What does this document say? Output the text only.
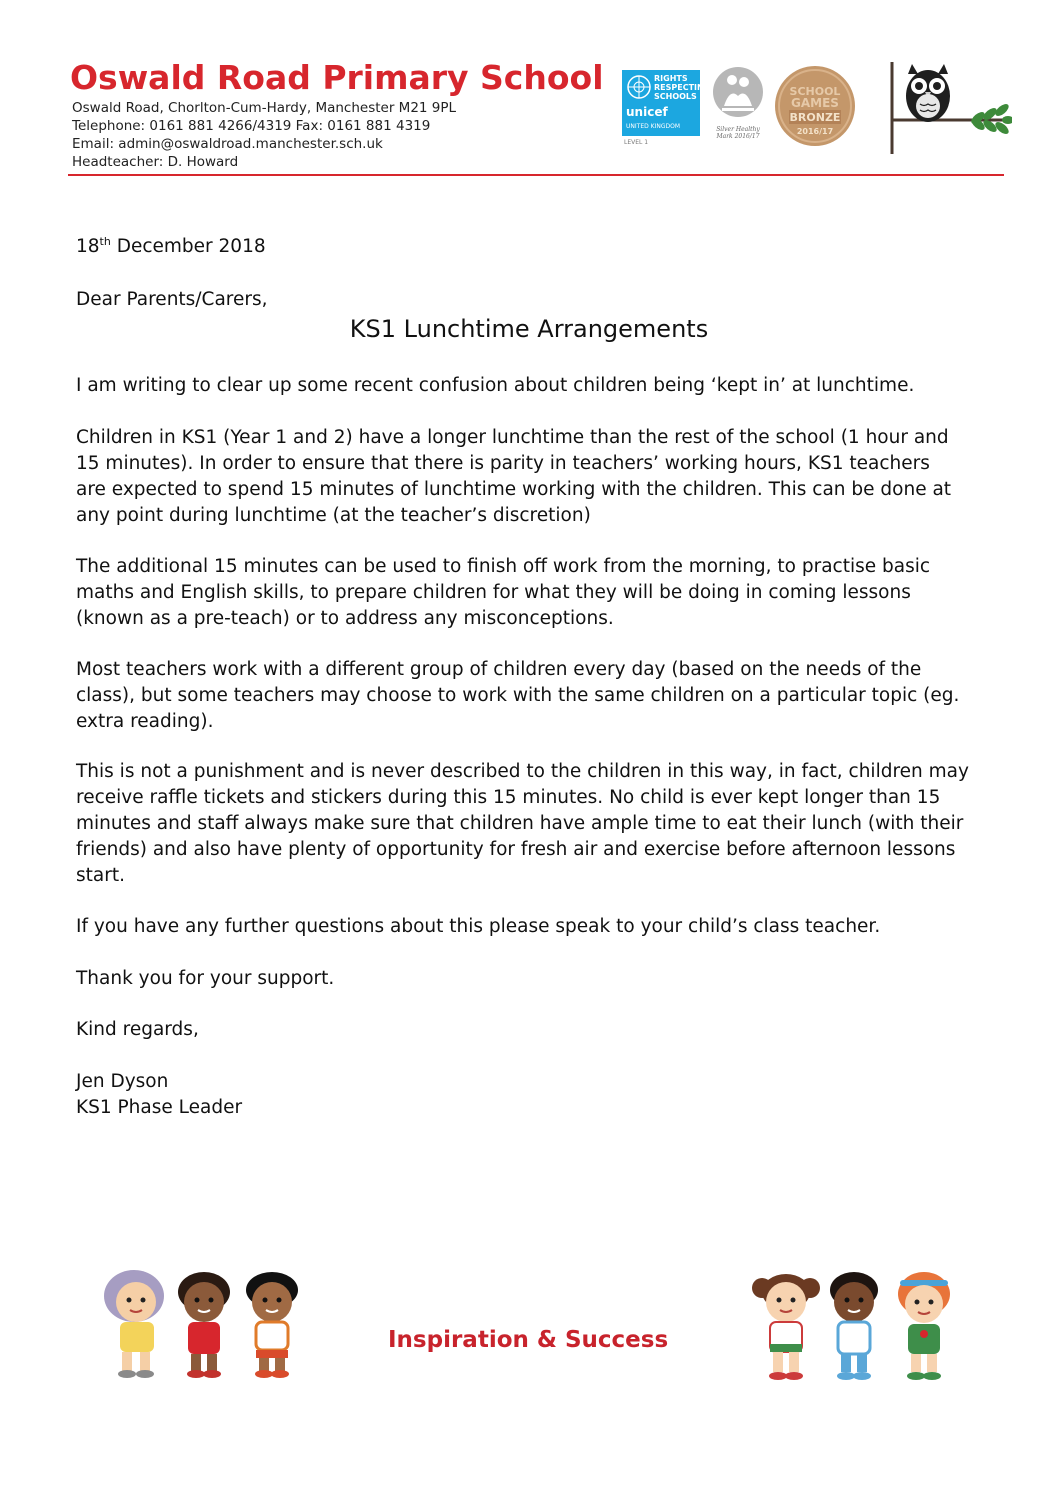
Oswald Road Primary School
Oswald Road, Chorlton-Cum-Hardy, Manchester M21 9PL
Telephone: 0161 881 4266/4319 Fax: 0161 881 4319
Email: admin@oswaldroad.manchester.sch.uk
Headteacher: D. Howard
RIGHTS RESPECTING SCHOOLS
unicef
UNITED KINGDOM
LEVEL 1
Silver Healthy Mark 2016/17
SCHOOL
GAMES
BRONZE
2016/17
18th December 2018
Dear Parents/Carers,
KS1 Lunchtime Arrangements
I am writing to clear up some recent confusion about children being ‘kept in’ at lunchtime.
Children in KS1 (Year 1 and 2) have a longer lunchtime than the rest of the school (1 hour and
15 minutes). In order to ensure that there is parity in teachers’ working hours, KS1 teachers
are expected to spend 15 minutes of lunchtime working with the children. This can be done at
any point during lunchtime (at the teacher’s discretion)
The additional 15 minutes can be used to finish off work from the morning, to practise basic
maths and English skills, to prepare children for what they will be doing in coming lessons
(known as a pre-teach) or to address any misconceptions.
Most teachers work with a different group of children every day (based on the needs of the
class), but some teachers may choose to work with the same children on a particular topic (eg.
extra reading).
This is not a punishment and is never described to the children in this way, in fact, children may
receive raffle tickets and stickers during this 15 minutes. No child is ever kept longer than 15
minutes and staff always make sure that children have ample time to eat their lunch (with their
friends) and also have plenty of opportunity for fresh air and exercise before afternoon lessons
start.
If you have any further questions about this please speak to your child’s class teacher.
Thank you for your support.
Kind regards,
Jen Dyson
KS1 Phase Leader
Inspiration & Success
